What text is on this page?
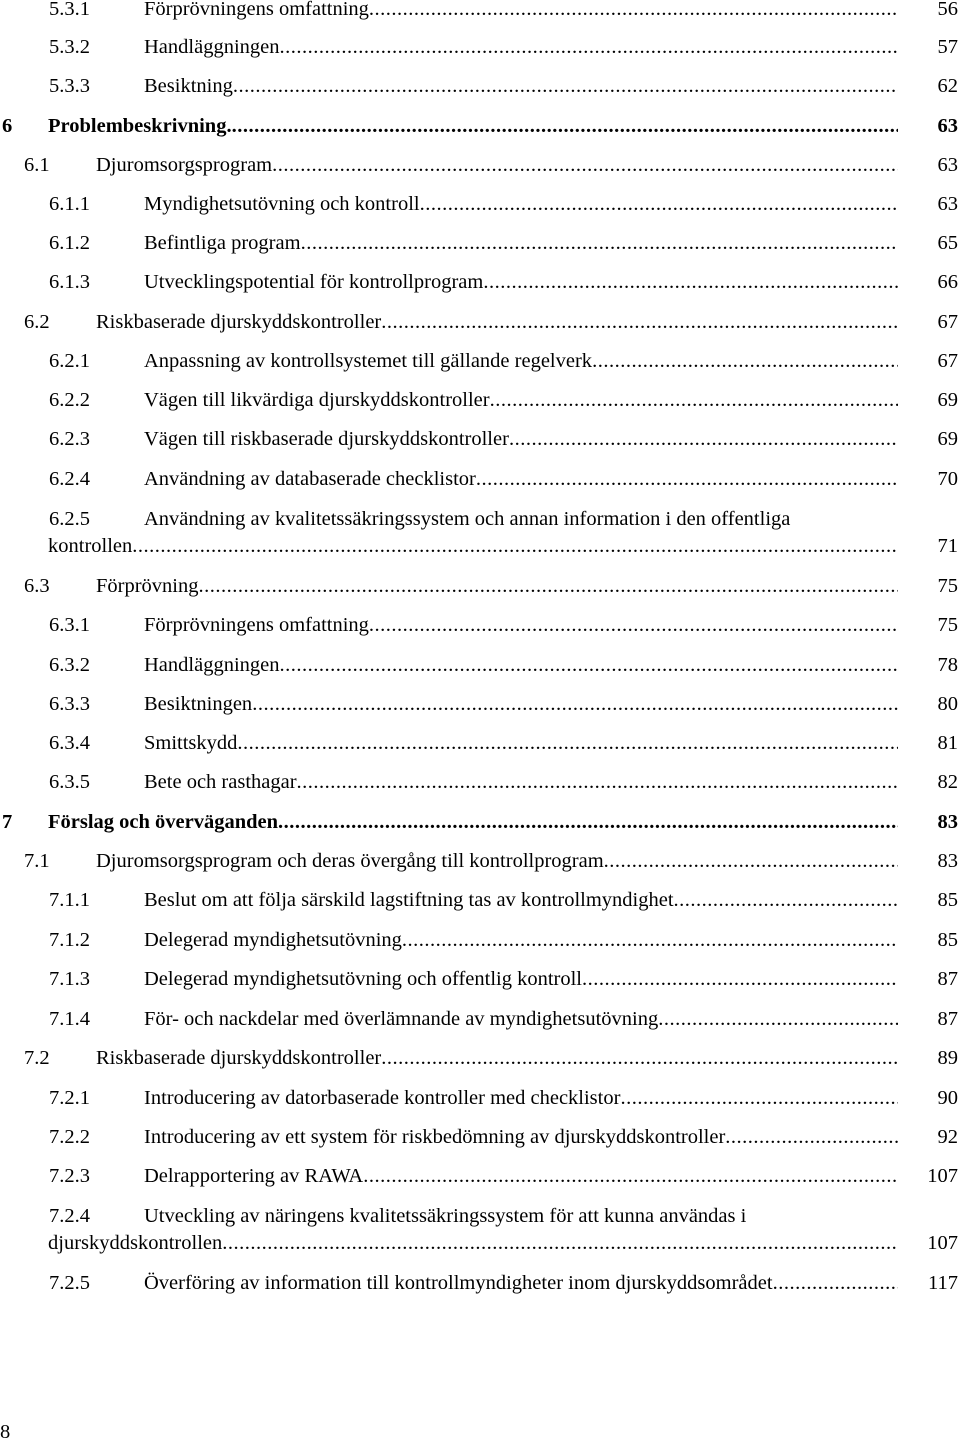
5.3.1	Förprövningens omfattning .....	56
5.3.2	Handläggningen .....	57
5.3.3	Besiktning .....	62
6 Problembeskrivning. .....	63
6.1 Djuromsorgsprogram .....	63
6.1.1	Myndighetsutövning och kontroll .....	63
6.1.2	Befintliga program .....	65
6.1.3	Utvecklingspotential för kontrollprogram .....	66
6.2 Riskbaserade djurskyddskontroller .....	67
6.2.1	Anpassning av kontrollsystemet till gällande regelverk .....	67
6.2.2	Vägen till likvärdiga djurskyddskontroller .....	69
6.2.3	Vägen till riskbaserade djurskyddskontroller .....	69
6.2.4	Användning av databaserade checklistor .....	70
6.2.5	Användning av kvalitetssäkringssystem och annan information i den offentliga
kontrollen .....	71
6.3 Förprövning .....	75
6.3.1	Förprövningens omfattning .....	75
6.3.2	Handläggningen .....	78
6.3.3	Besiktningen .....	80
6.3.4	Smittskydd .....	81
6.3.5	Bete och rasthagar .....	82
7 Förslag och överväganden .....	83
7.1 Djuromsorgsprogram och deras övergång till kontrollprogram .....	83
7.1.1	Beslut om att följa särskild lagstiftning tas av kontrollmyndighet .....	85
7.1.2	Delegerad myndighetsutövning .....	85
7.1.3	Delegerad myndighetsutövning och offentlig kontroll .....	87
7.1.4	För- och nackdelar med överlämnande av myndighetsutövning .....	87
7.2 Riskbaserade djurskyddskontroller .....	89
7.2.1	Introducering av datorbaserade kontroller med checklistor .....	90
7.2.2	Introducering av ett system för riskbedömning av djurskyddskontroller .....	92
7.2.3	Delrapportering av RAWA .....	107
7.2.4	Utveckling av näringens kvalitetssäkringssystem för att kunna användas i
djurskyddskontrollen .....	107
7.2.5	Överföring av information till kontrollmyndigheter inom djurskyddsområdet .....	117
8
